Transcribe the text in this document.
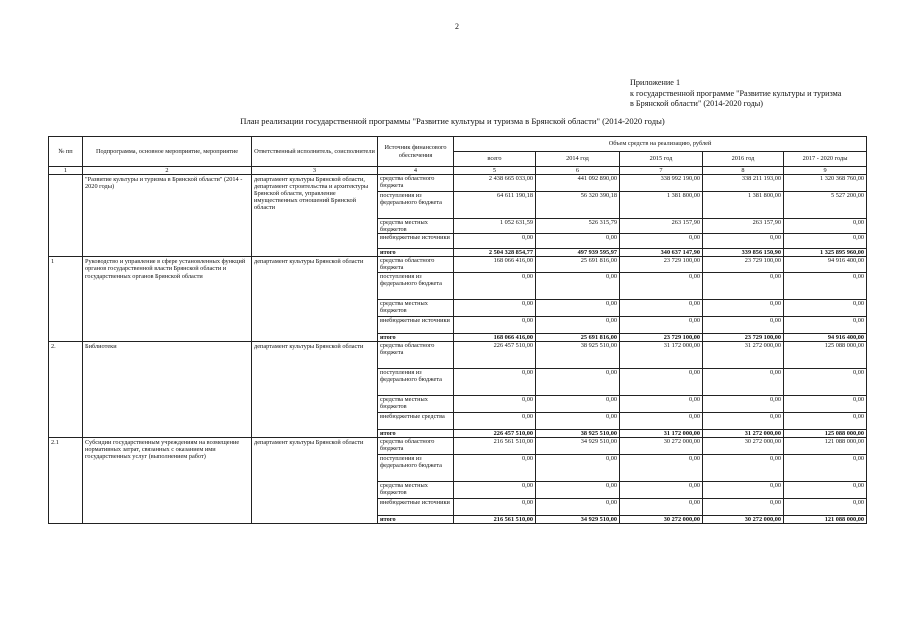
2
Приложение 1
к государственной программе "Развитие культуры и туризма
в Брянской области" (2014-2020 годы)
План реализации государственной программы "Развитие культуры и туризма в Брянской области" (2014-2020 годы)
№ пп	Подпрограмма, основное мероприятие, мероприятие	Ответственный исполнитель, соисполнители	Источник финансового обеспечения	Объем средств на реализацию, рублей				
				всего	2014 год	2015 год	2016 год	2017 - 2020 годы
1	2	3	4	5	6	7	8	9
	"Развитие культуры и туризма в Брянской области" (2014 - 2020 годы)	департамент культуры Брянской области, департамент строительства и архитектуры Брянской области, управление имущественных отношений Брянской области	средства областного бюджета	2 438 665 033,00	441 092 890,00	338 992 190,00	338 211 193,00	1 320 368 760,00
			поступления из федерального бюджета	64 611 190,18	56 320 390,18	1 381 800,00	1 381 800,00	5 527 200,00
			средства местных бюджетов	1 052 631,59	526 315,79	263 157,90	263 157,90	0,00
			внебюджетные источники	0,00	0,00	0,00	0,00	0,00
			итого	2 504 328 854,77	497 939 595,97	340 637 147,90	339 856 150,90	1 325 895 960,00
1	Руководство и управление в сфере установленных функций органов государственной власти Брянской области и государственных органов Брянской области	департамент культуры Брянской области	средства областного бюджета	168 066 416,00	25 691 816,00	23 729 100,00	23 729 100,00	94 916 400,00
			поступления из федерального бюджета	0,00	0,00	0,00	0,00	0,00
			средства местных бюджетов	0,00	0,00	0,00	0,00	0,00
			внебюджетные источники	0,00	0,00	0,00	0,00	0,00
			итого	168 066 416,00	25 691 816,00	23 729 100,00	23 729 100,00	94 916 400,00
2.	Библиотеки	департамент культуры Брянской области	средства областного бюджета	226 457 510,00	38 925 510,00	31 172 000,00	31 272 000,00	125 088 000,00
			поступления из федерального бюджета	0,00	0,00	0,00	0,00	0,00
			средства местных бюджетов	0,00	0,00	0,00	0,00	0,00
			внебюджетные средства	0,00	0,00	0,00	0,00	0,00
			итого	226 457 510,00	38 925 510,00	31 172 000,00	31 272 000,00	125 088 000,00
2.1	Субсидии государственным учреждениям на возмещение нормативных затрат, связанных с оказанием ими государственных услуг (выполнением работ)	департамент культуры Брянской области	средства областного бюджета	216 561 510,00	34 929 510,00	30 272 000,00	30 272 000,00	121 088 000,00
			поступления из федерального бюджета	0,00	0,00	0,00	0,00	0,00
			средства местных бюджетов	0,00	0,00	0,00	0,00	0,00
			внебюджетные источники	0,00	0,00	0,00	0,00	0,00
			итого	216 561 510,00	34 929 510,00	30 272 000,00	30 272 000,00	121 088 000,00
